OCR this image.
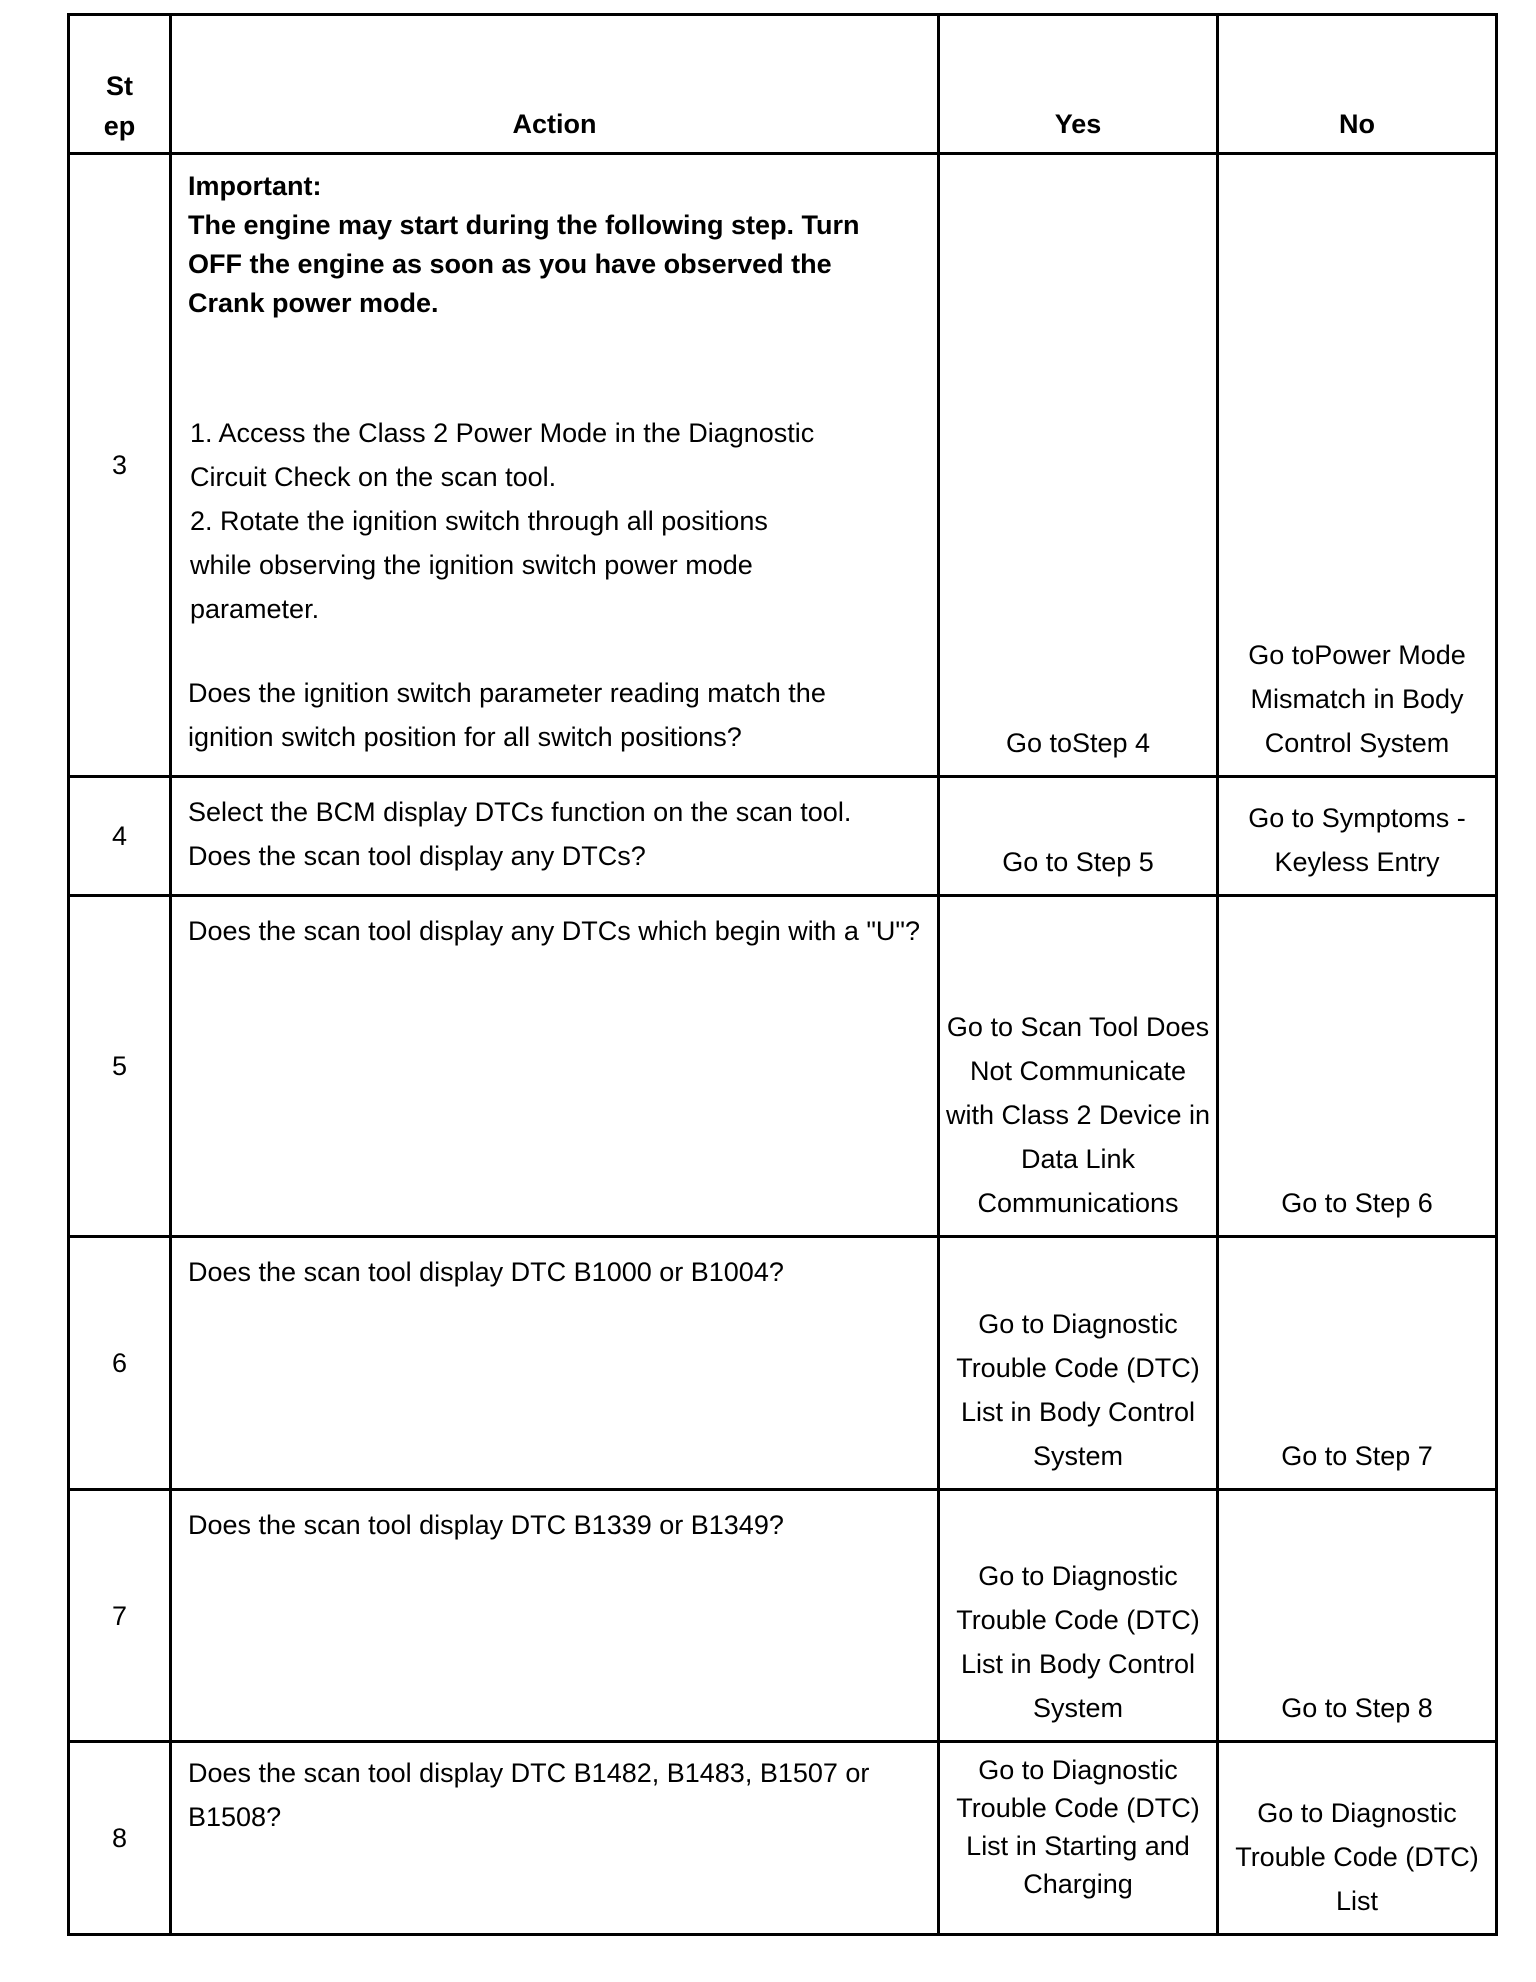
St
ep	Action	Yes	No
3	Important:
The engine may start during the following step. Turn OFF the engine as soon as you have observed the Crank power mode.
1. Access the Class 2 Power Mode in the Diagnostic Circuit Check on the scan tool.
2. Rotate the ignition switch through all positions while observing the ignition switch power mode parameter.
Does the ignition switch parameter reading match the ignition switch position for all switch positions?	Go toStep 4	Go toPower Mode Mismatch in Body Control System
4	Select the BCM display DTCs function on the scan tool.
Does the scan tool display any DTCs?	Go to Step 5	Go to Symptoms - Keyless Entry
5	Does the scan tool display any DTCs which begin with a "U"?	Go to Scan Tool Does Not Communicate with Class 2 Device in Data Link Communications	Go to Step 6
6	Does the scan tool display DTC B1000 or B1004?	Go to Diagnostic Trouble Code (DTC) List in Body Control System	Go to Step 7
7	Does the scan tool display DTC B1339 or B1349?	Go to Diagnostic Trouble Code (DTC) List in Body Control System	Go to Step 8
8	Does the scan tool display DTC B1482, B1483, B1507 or B1508?	Go to Diagnostic Trouble Code (DTC) List in Starting and Charging	Go to Diagnostic Trouble Code (DTC) List
